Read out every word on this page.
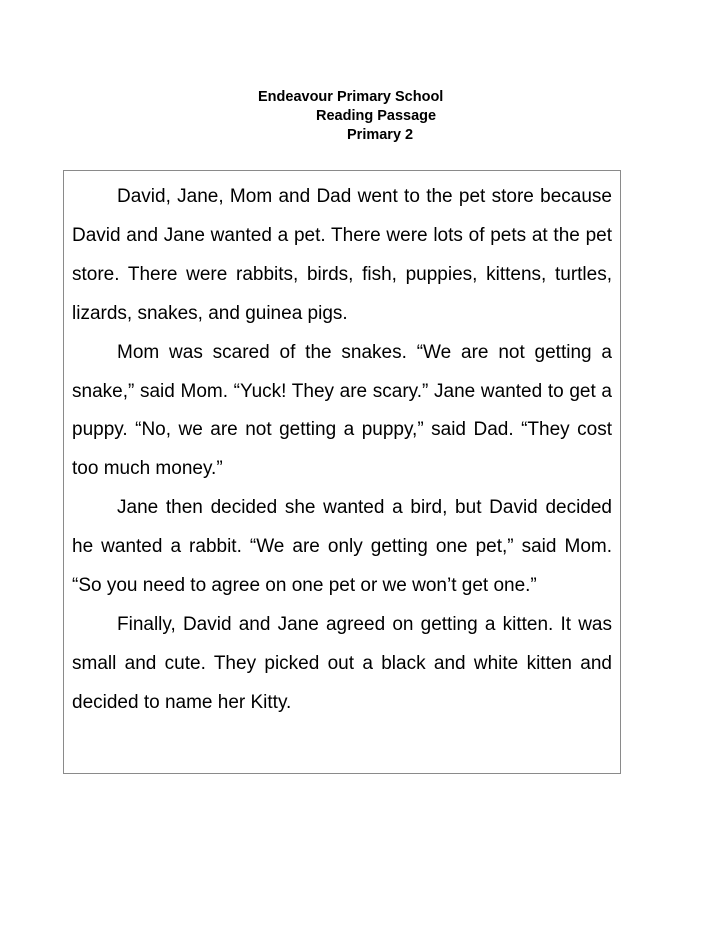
Endeavour Primary School
Reading Passage
Primary 2

David, Jane, Mom and Dad went to the pet store because David and Jane wanted a pet. There were lots of pets at the pet store. There were rabbits, birds, fish, puppies, kittens, turtles, lizards, snakes, and guinea pigs.

Mom was scared of the snakes. “We are not getting a snake,” said Mom. “Yuck! They are scary.” Jane wanted to get a puppy. “No, we are not getting a puppy,” said Dad. “They cost too much money.”

Jane then decided she wanted a bird, but David decided he wanted a rabbit. “We are only getting one pet,” said Mom. “So you need to agree on one pet or we won’t get one.”

Finally, David and Jane agreed on getting a kitten. It was small and cute. They picked out a black and white kitten and decided to name her Kitty.
